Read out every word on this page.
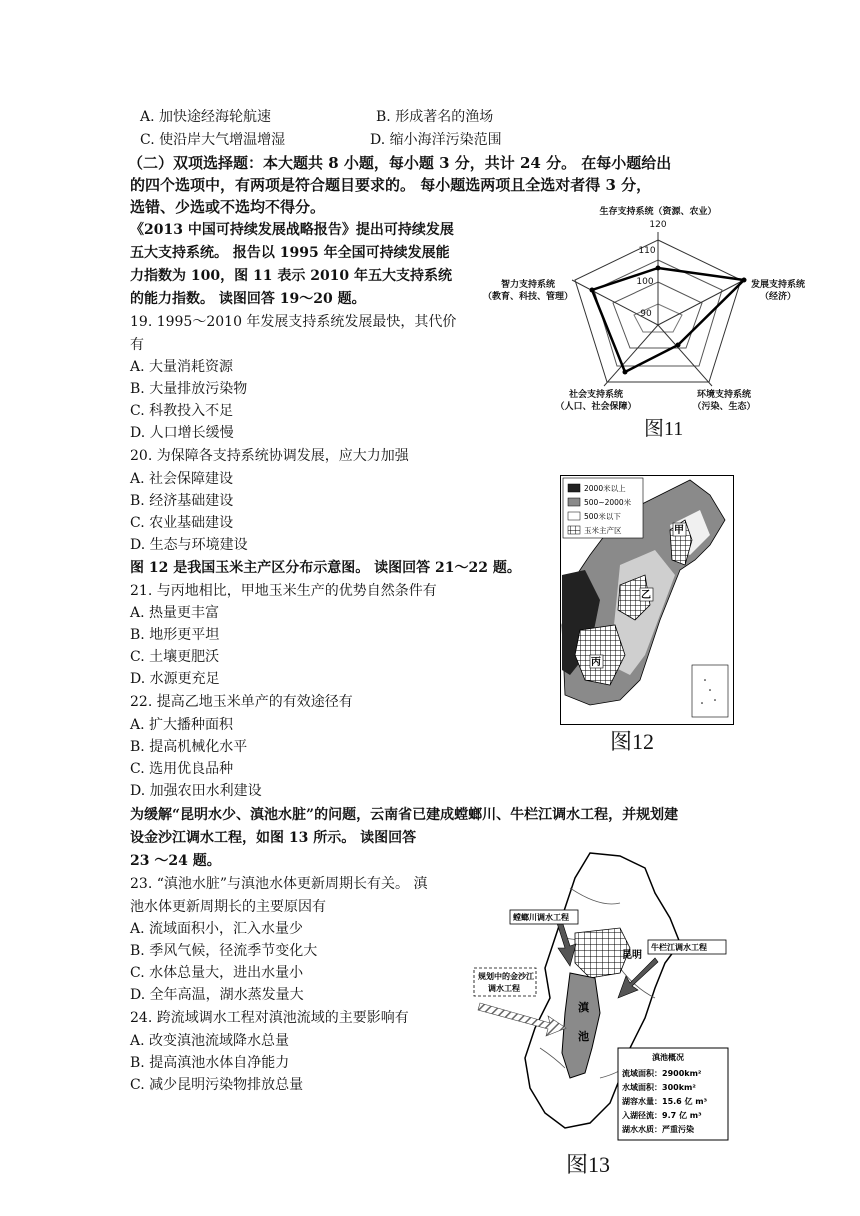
A. 加快途经海轮航速	B. 形成著名的渔场
C. 使沿岸大气增温增湿	D. 缩小海洋污染范围
（二）双项选择题：本大题共 8 小题，每小题 3 分，共计 24 分。 在每小题给出
的四个选项中，有两项是符合题目要求的。 每小题选两项且全选对者得 3 分，
选错、少选或不选均不得分。
《2013 中国可持续发展战略报告》提出可持续发展
五大支持系统。 报告以 1995 年全国可持续发展能
力指数为 100，图 11 表示 2010 年五大支持系统
的能力指数。 读图回答 19～20 题。
19. 1995～2010 年发展支持系统发展最快，其代价
有
A. 大量消耗资源
B. 大量排放污染物
C. 科教投入不足
D. 人口增长缓慢
20. 为保障各支持系统协调发展，应大力加强
A. 社会保障建设
B. 经济基础建设
C. 农业基础建设
D. 生态与环境建设
图 12 是我国玉米主产区分布示意图。 读图回答 21～22 题。
21. 与丙地相比，甲地玉米生产的优势自然条件有
A. 热量更丰富
B. 地形更平坦
C. 土壤更肥沃
D. 水源更充足
22. 提高乙地玉米单产的有效途径有
A. 扩大播种面积
B. 提高机械化水平
C. 选用优良品种
D. 加强农田水利建设
为缓解“昆明水少、滇池水脏”的问题，云南省已建成螳螂川、牛栏江调水工程，并规划建
设金沙江调水工程，如图 13 所示。 读图回答
23 ～24 题。
23. “滇池水脏”与滇池水体更新周期长有关。 滇
池水体更新周期长的主要原因有
A. 流域面积小，汇入水量少
B. 季风气候，径流季节变化大
C. 水体总量大，进出水量小
D. 全年高温，湖水蒸发量大
24. 跨流域调水工程对滇池流域的主要影响有
A. 改变滇池流域降水总量
B. 提高滇池水体自净能力
C. 减少昆明污染物排放总量
120
110
100
90
生存支持系统（资源、农业）
发展支持系统
（经济）
智力支持系统
（教育、科技、管理）
社会支持系统
（人口、社会保障）
环境支持系统
（污染、生态）
图11
2000米以上
500~2000米
500米以下
玉米主产区	甲
乙
丙
图12
螳螂川调水工程
牛栏江调水工程
规划中的金沙江
调水工程
昆明
滇
池
滇池概况
流域面积：2900km²
水域面积：300km²
湖容水量：15.6 亿 m³
入湖径流：9.7 亿 m³
湖水水质：严重污染
图13
